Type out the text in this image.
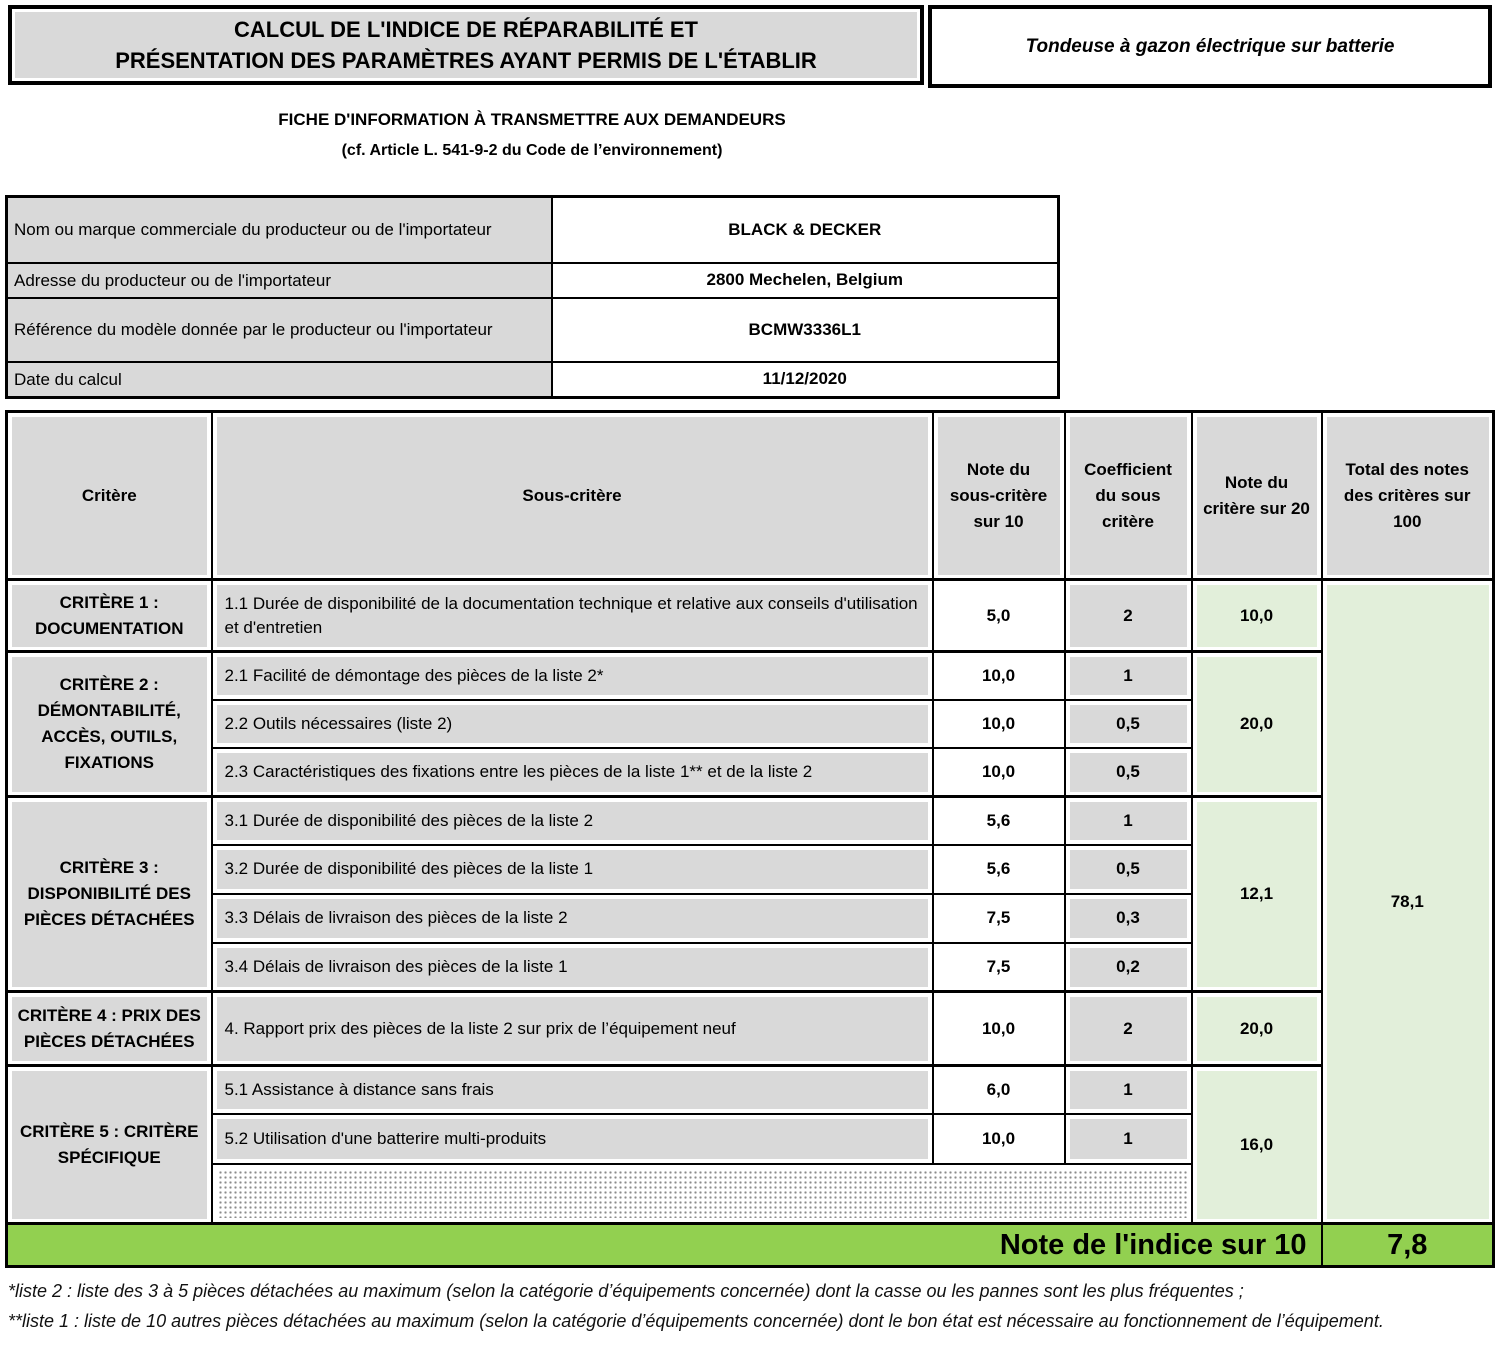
CALCUL DE L'INDICE DE RÉPARABILITÉ ET
PRÉSENTATION DES PARAMÈTRES AYANT PERMIS DE L'ÉTABLIR
Tondeuse à gazon électrique sur batterie
FICHE D'INFORMATION À TRANSMETTRE AUX DEMANDEURS
(cf. Article L. 541-9-2 du Code de l’environnement)
Nom ou marque commerciale du producteur ou de l'importateur	BLACK & DECKER
Adresse du producteur ou de l'importateur	2800 Mechelen, Belgium
Référence du modèle donnée par le producteur ou l'importateur	BCMW3336L1
Date du calcul	11/12/2020
Critère	Sous-critère	Note du sous-critère sur 10	Coefficient du sous critère	Note du critère sur 20	Total des notes des critères sur 100

CRITÈRE 1 : DOCUMENTATION	1.1 Durée de disponibilité de la documentation technique et relative aux conseils d'utilisation et d'entretien	5,0	2	10,0	78,1
CRITÈRE 2 : DÉMONTABILITÉ, ACCÈS, OUTILS, FIXATIONS	2.1 Facilité de démontage des pièces de la liste 2*	10,0	1	20,0	

	2.2 Outils nécessaires (liste 2)	10,0	0,5		

	2.3 Caractéristiques des fixations entre les pièces de la liste 1** et de la liste 2	10,0	0,5		
CRITÈRE 3 : DISPONIBILITÉ DES PIÈCES DÉTACHÉES	3.1 Durée de disponibilité des pièces de la liste 2	5,6	1	12,1	

	3.2 Durée de disponibilité des pièces de la liste 1	5,6	0,5		

	3.3 Délais de livraison des pièces de la liste 2	7,5	0,3		

	3.4 Délais de livraison des pièces de la liste 1	7,5	0,2		
CRITÈRE 4 : PRIX DES PIÈCES DÉTACHÉES	4. Rapport prix des pièces de la liste 2 sur prix de l’équipement neuf	10,0	2	20,0	
CRITÈRE 5 : CRITÈRE SPÉCIFIQUE	5.1 Assistance à distance sans frais	6,0	1	16,0	

	5.2 Utilisation d'une batterire multi-produits	10,0	1		

Note de l'indice sur 10					7,8

*liste 2 : liste des 3 à 5 pièces détachées au maximum (selon la catégorie d’équipements concernée) dont la casse ou les pannes sont les plus fréquentes ;

**liste 1 : liste de 10 autres pièces détachées au maximum (selon la catégorie d’équipements concernée) dont le bon état est nécessaire au fonctionnement de l’équipement.
